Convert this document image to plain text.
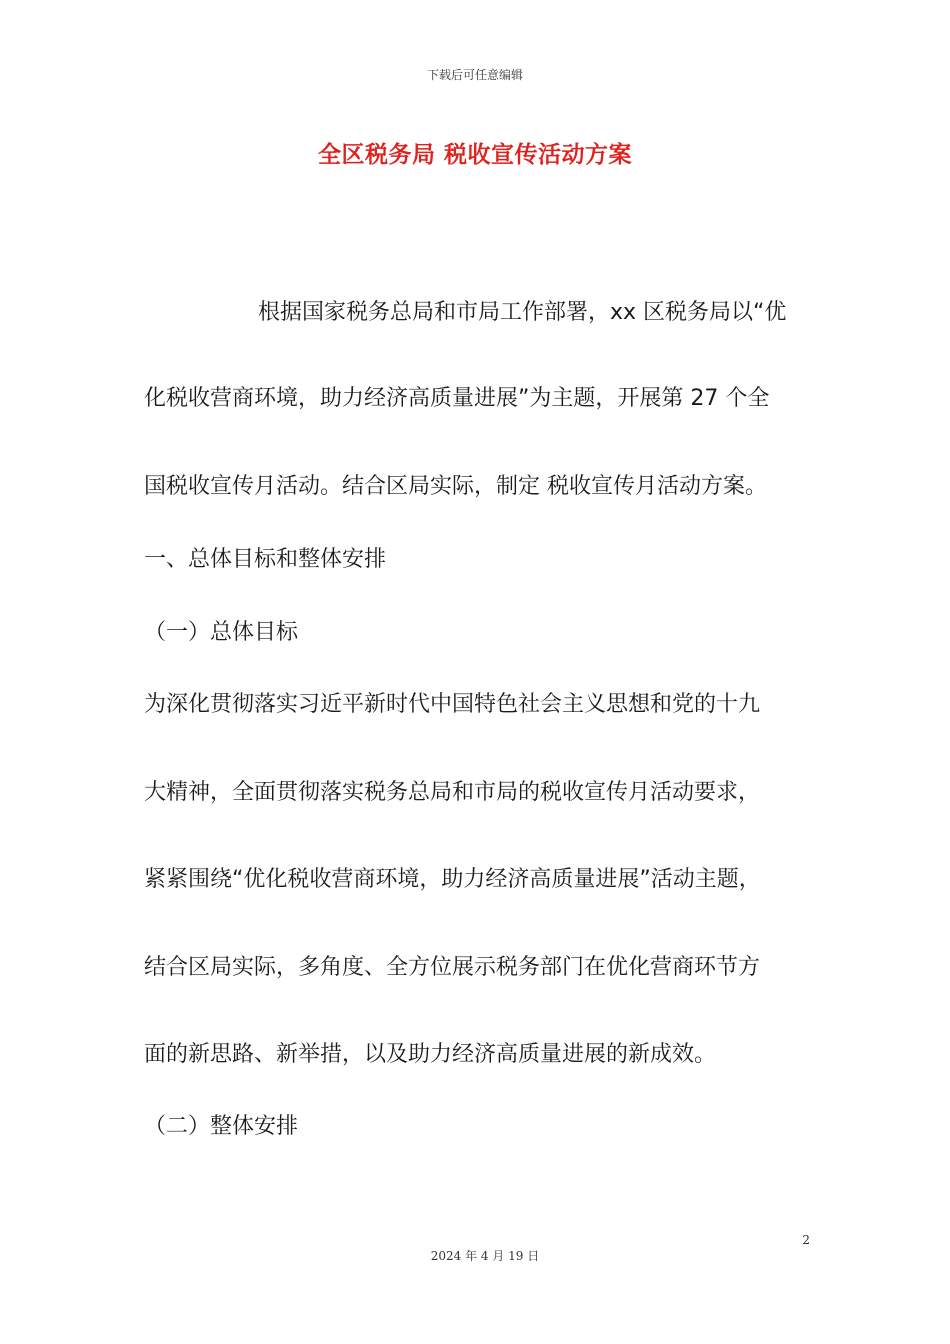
下载后可任意编辑
全区税务局 税收宣传活动方案
根据国家税务总局和市局工作部署，xx 区税务局以“优
化税收营商环境，助力经济高质量进展”为主题，开展第 27 个全
国税收宣传月活动。结合区局实际，制定 税收宣传月活动方案。
一、总体目标和整体安排
（一）总体目标
为深化贯彻落实习近平新时代中国特色社会主义思想和党的十九
大精神，全面贯彻落实税务总局和市局的税收宣传月活动要求，
紧紧围绕“优化税收营商环境，助力经济高质量进展”活动主题，
结合区局实际，多角度、全方位展示税务部门在优化营商环节方
面的新思路、新举措，以及助力经济高质量进展的新成效。
（二）整体安排
2
2024 年 4 月 19 日
